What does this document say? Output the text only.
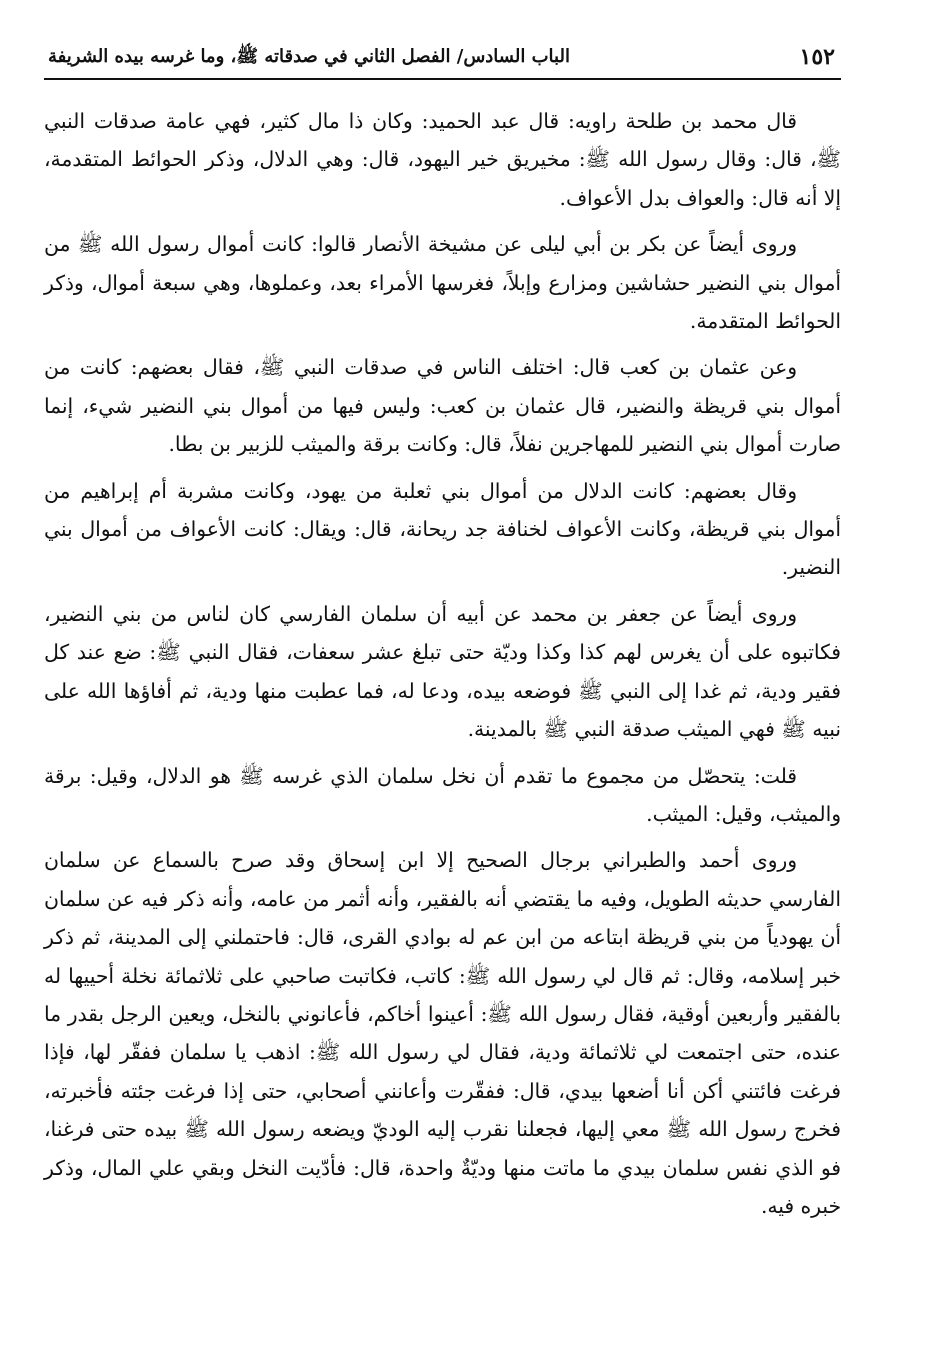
١٥٢
الباب السادس/ الفصل الثاني في صدقاته ﷺ، وما غرسه بيده الشريفة

قال محمد بن طلحة راويه: قال عبد الحميد: وكان ذا مال كثير، فهي عامة صدقات النبي ﷺ، قال: وقال رسول الله ﷺ: مخيريق خير اليهود، قال: وهي الدلال، وذكر الحوائط المتقدمة، إلا أنه قال: والعواف بدل الأعواف.

وروى أيضاً عن بكر بن أبي ليلى عن مشيخة الأنصار قالوا: كانت أموال رسول الله ﷺ من أموال بني النضير حشاشين ومزارع وإبلاً، فغرسها الأمراء بعد، وعملوها، وهي سبعة أموال، وذكر الحوائط المتقدمة.

وعن عثمان بن كعب قال: اختلف الناس في صدقات النبي ﷺ، فقال بعضهم: كانت من أموال بني قريظة والنضير، قال عثمان بن كعب: وليس فيها من أموال بني النضير شيء، إنما صارت أموال بني النضير للمهاجرين نفلاً، قال: وكانت برقة والميثب للزبير بن بطا.

وقال بعضهم: كانت الدلال من أموال بني ثعلبة من يهود، وكانت مشربة أم إبراهيم من أموال بني قريظة، وكانت الأعواف لخنافة جد ريحانة، قال: ويقال: كانت الأعواف من أموال بني النضير.

وروى أيضاً عن جعفر بن محمد عن أبيه أن سلمان الفارسي كان لناس من بني النضير، فكاتبوه على أن يغرس لهم كذا وكذا وديّة حتى تبلغ عشر سعفات، فقال النبي ﷺ: ضع عند كل فقير ودية، ثم غدا إلى النبي ﷺ فوضعه بيده، ودعا له، فما عطبت منها ودية، ثم أفاؤها الله على نبيه ﷺ فهي الميثب صدقة النبي ﷺ بالمدينة.

قلت: يتحصّل من مجموع ما تقدم أن نخل سلمان الذي غرسه ﷺ هو الدلال، وقيل: برقة والميثب، وقيل: الميثب.

وروى أحمد والطبراني برجال الصحيح إلا ابن إسحاق وقد صرح بالسماع عن سلمان الفارسي حديثه الطويل، وفيه ما يقتضي أنه بالفقير، وأنه أثمر من عامه، وأنه ذكر فيه عن سلمان أن يهودياً من بني قريظة ابتاعه من ابن عم له بوادي القرى، قال: فاحتملني إلى المدينة، ثم ذكر خبر إسلامه، وقال: ثم قال لي رسول الله ﷺ: كاتب، فكاتبت صاحبي على ثلاثمائة نخلة أحييها له بالفقير وأربعين أوقية، فقال رسول الله ﷺ: أعينوا أخاكم، فأعانوني بالنخل، ويعين الرجل بقدر ما عنده، حتى اجتمعت لي ثلاثمائة ودية، فقال لي رسول الله ﷺ: اذهب يا سلمان ففقّر لها، فإذا فرغت فائتني أكن أنا أضعها بيدي، قال: ففقّرت وأعانني أصحابي، حتى إذا فرغت جئته فأخبرته، فخرج رسول الله ﷺ معي إليها، فجعلنا نقرب إليه الوديّ ويضعه رسول الله ﷺ بيده حتى فرغنا، فو الذي نفس سلمان بيدي ما ماتت منها وديّةٌ واحدة، قال: فأدّيت النخل وبقي علي المال، وذكر خبره فيه.
